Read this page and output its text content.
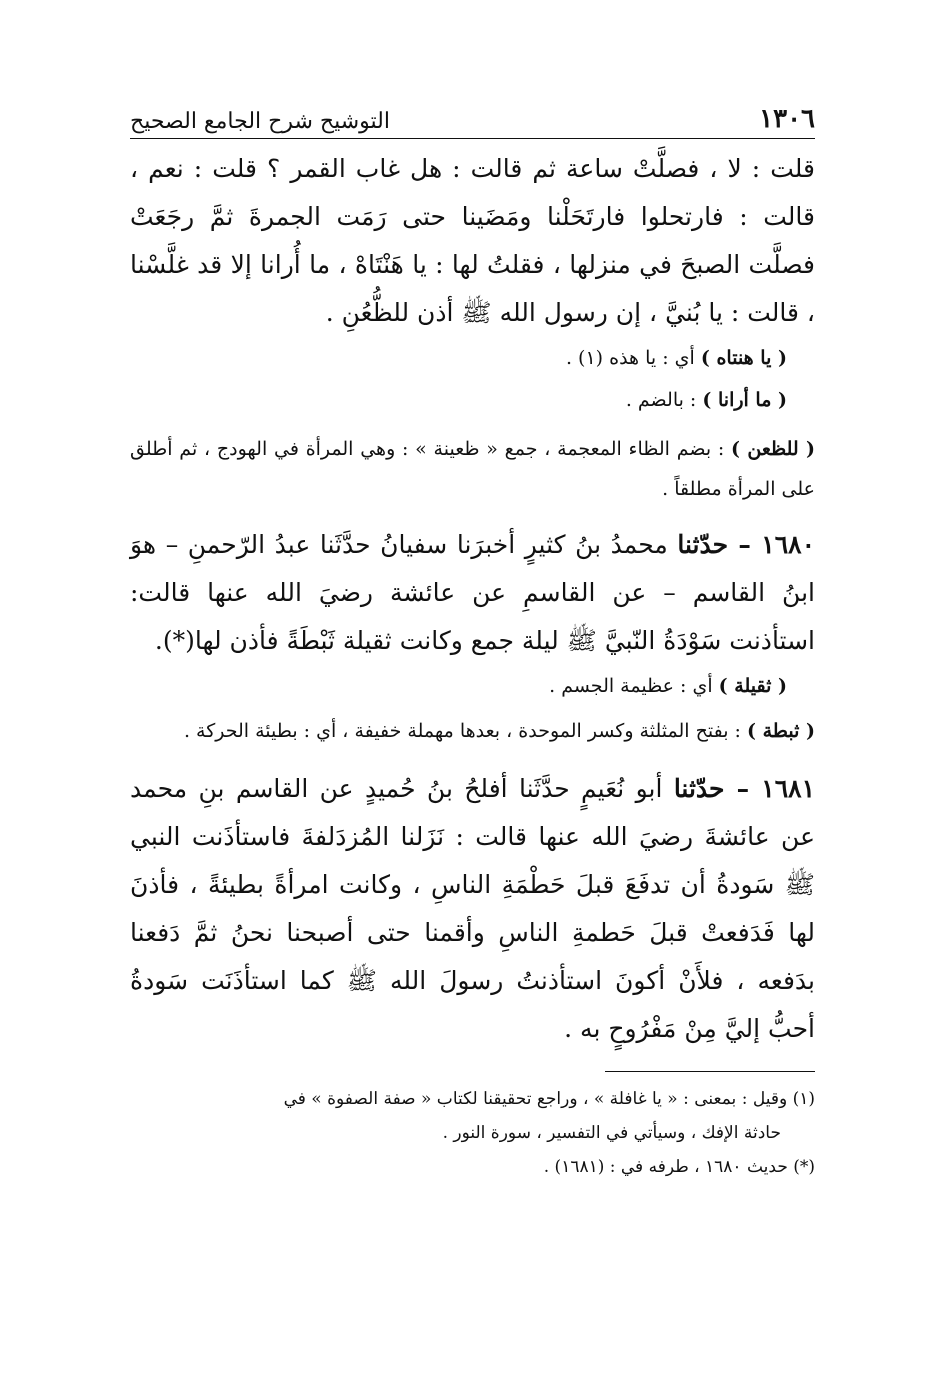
١٣٠٦
التوشيح شرح الجامع الصحيح
قلت : لا ، فصلَّتْ ساعة ثم قالت : هل غاب القمر ؟ قلت : نعم ، قالت : فارتحلوا فارتَحَلْنا ومَضَينا حتى رَمَت الجمرةَ ثمَّ رجَعَتْ فصلَّت الصبحَ في منزلها ، فقلتُ لها : يا هَنْتَاهْ ، ما أُرانا إلا قد غلَّسْنا ، قالت : يا بُنيَّ ، إن رسول الله ﷺ أذن للظُّعُنِ .
( يا هنتاه ) أي : يا هذه (١) .
( ما أرانا ) : بالضم .
( للظعن ) : بضم الظاء المعجمة ، جمع « ظعينة » : وهي المرأة في الهودج ، ثم أطلق على المرأة مطلقاً .
١٦٨٠ – حدّثنا محمدُ بنُ كثيرٍ أخبرَنا سفيانُ حدَّثَنا عبدُ الرّحمنِ – هوَ ابنُ القاسم – عن القاسمِ عن عائشة رضيَ الله عنها قالت: استأذنت سَوْدَةُ النّبيَّ ﷺ ليلة جمع وكانت ثقيلة ثَبْطَةً فأذن لها(*).
( ثقيلة ) أي : عظيمة الجسم .
( ثبطة ) : بفتح المثلثة وكسر الموحدة ، بعدها مهملة خفيفة ، أي : بطيئة الحركة .
١٦٨١ – حدّثنا أبو نُعَيمٍ حدَّثَنا أفلحُ بنُ حُميدٍ عن القاسم بنِ محمد عن عائشةَ رضيَ الله عنها قالت : نَزَلنا المُزدَلفةَ فاستأذَنت النبي ﷺ سَودةُ أن تدفَعَ قبلَ حَطْمَةِ الناسِ ، وكانت امرأةً بطيئةً ، فأذنَ لها فَدَفعتْ قبلَ حَطمةِ الناسِ وأقمنا حتى أصبحنا نحنُ ثمَّ دَفعنا بدَفعه ، فلأَنْ أكونَ استأذنتُ رسولَ الله ﷺ كما استأذَنَت سَودةُ أحبُّ إليَّ مِنْ مَفْرُوحٍ به .
(١) وقيل : بمعنى : « يا غافلة » ، وراجع تحقيقنا لكتاب « صفة الصفوة » في
حادثة الإفك ، وسيأتي في التفسير ، سورة النور .
(*) حديث ١٦٨٠ ، طرفه في : (١٦٨١) .
